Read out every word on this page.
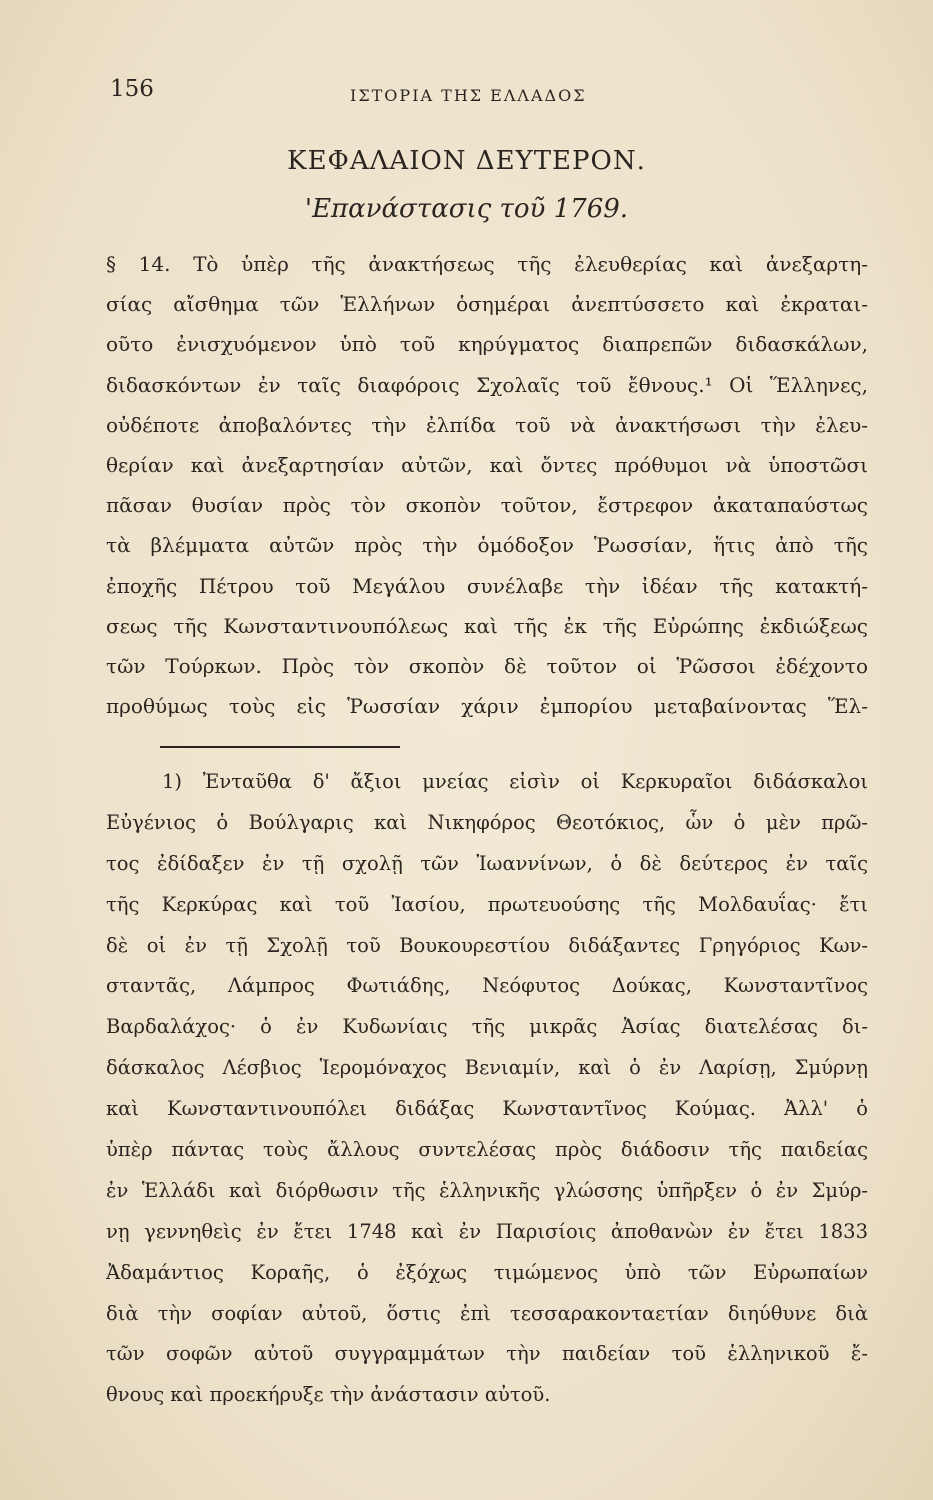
156	ΙΣΤΟΡΙΑ ΤΗΣ ΕΛΛΑΔΟΣ
ΚΕΦΑΛΑΙΟΝ ΔΕΥΤΕΡΟΝ.
'Επανάστασις τοῦ 1769.
§ 14. Τὸ ὑπὲρ τῆς ἀνακτήσεως τῆς ἐλευθερίας καὶ ἀνεξαρτη-
σίας αἴσθημα τῶν Ἑλλήνων ὁσημέραι ἀνεπτύσσετο καὶ ἐκραται-
οῦτο ἐνισχυόμενον ὑπὸ τοῦ κηρύγματος διαπρεπῶν διδασκάλων,
διδασκόντων ἐν ταῖς διαφόροις Σχολαῖς τοῦ ἔθνους.¹ Οἱ Ἕλληνες,
οὐδέποτε ἀποβαλόντες τὴν ἐλπίδα τοῦ νὰ ἀνακτήσωσι τὴν ἐλευ-
θερίαν καὶ ἀνεξαρτησίαν αὐτῶν, καὶ ὄντες πρόθυμοι νὰ ὑποστῶσι
πᾶσαν θυσίαν πρὸς τὸν σκοπὸν τοῦτον, ἔστρεφον ἀκαταπαύστως
τὰ βλέμματα αὐτῶν πρὸς τὴν ὁμόδοξον Ῥωσσίαν, ἥτις ἀπὸ τῆς
ἐποχῆς Πέτρου τοῦ Μεγάλου συνέλαβε τὴν ἰδέαν τῆς κατακτή-
σεως τῆς Κωνσταντινουπόλεως καὶ τῆς ἐκ τῆς Εὐρώπης ἐκδιώξεως
τῶν Τούρκων. Πρὸς τὸν σκοπὸν δὲ τοῦτον οἱ Ῥῶσσοι ἐδέχοντο
προθύμως τοὺς εἰς Ῥωσσίαν χάριν ἐμπορίου μεταβαίνοντας Ἕλ-
1) Ἐνταῦθα δ' ἄξιοι μνείας εἰσὶν οἱ Κερκυραῖοι διδάσκαλοι
Εὐγένιος ὁ Βούλγαρις καὶ Νικηφόρος Θεοτόκιος, ὧν ὁ μὲν πρῶ-
τος ἐδίδαξεν ἐν τῇ σχολῇ τῶν Ἰωαννίνων, ὁ δὲ δεύτερος ἐν ταῖς
τῆς Κερκύρας καὶ τοῦ Ἰασίου, πρωτευούσης τῆς Μολδαυΐας· ἔτι
δὲ οἱ ἐν τῇ Σχολῇ τοῦ Βουκουρεστίου διδάξαντες Γρηγόριος Κων-
σταντᾶς, Λάμπρος Φωτιάδης, Νεόφυτος Δούκας, Κωνσταντῖνος
Βαρδαλάχος· ὁ ἐν Κυδωνίαις τῆς μικρᾶς Ἀσίας διατελέσας δι-
δάσκαλος Λέσβιος Ἱερομόναχος Βενιαμίν, καὶ ὁ ἐν Λαρίσῃ, Σμύρνῃ
καὶ Κωνσταντινουπόλει διδάξας Κωνσταντῖνος Κούμας. Ἀλλ' ὁ
ὑπὲρ πάντας τοὺς ἄλλους συντελέσας πρὸς διάδοσιν τῆς παιδείας
ἐν Ἑλλάδι καὶ διόρθωσιν τῆς ἑλληνικῆς γλώσσης ὑπῆρξεν ὁ ἐν Σμύρ-
νῃ γεννηθεὶς ἐν ἔτει 1748 καὶ ἐν Παρισίοις ἀποθανὼν ἐν ἔτει 1833
Ἀδαμάντιος Κοραῆς, ὁ ἐξόχως τιμώμενος ὑπὸ τῶν Εὐρωπαίων
διὰ τὴν σοφίαν αὐτοῦ, ὅστις ἐπὶ τεσσαρακονταετίαν διηύθυνε διὰ
τῶν σοφῶν αὐτοῦ συγγραμμάτων τὴν παιδείαν τοῦ ἑλληνικοῦ ἔ-
θνους καὶ προεκήρυξε τὴν ἀνάστασιν αὐτοῦ.
